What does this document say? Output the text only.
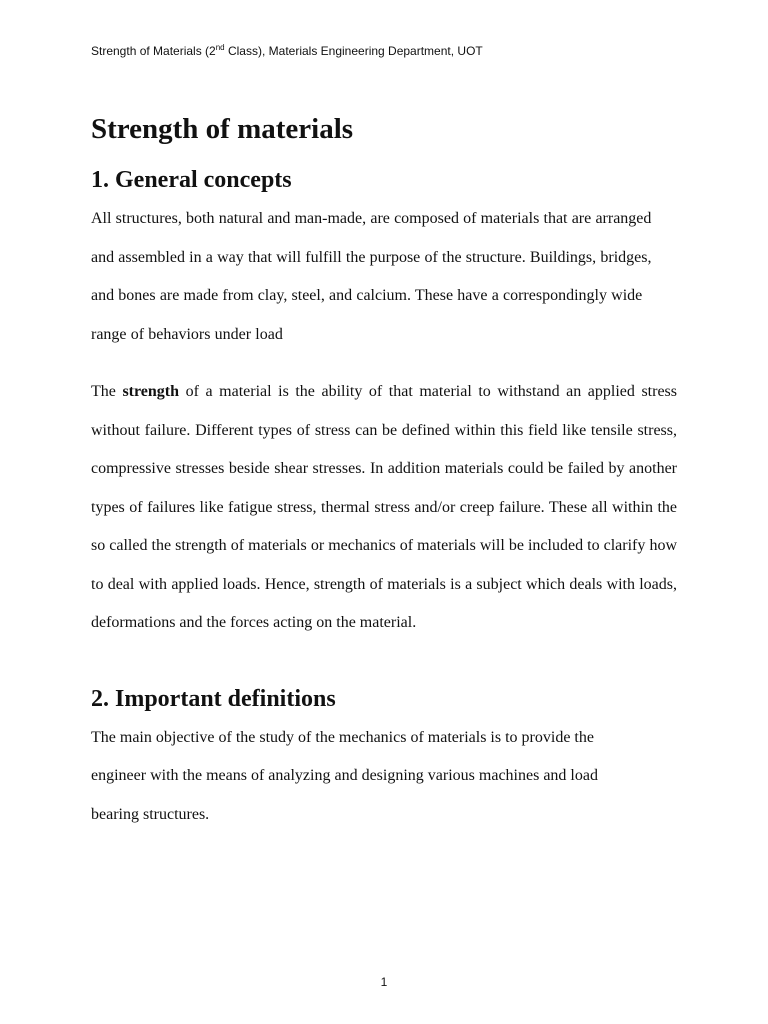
Strength of Materials (2nd Class), Materials Engineering Department, UOT
Strength of materials
1. General concepts

All structures, both natural and man-made, are composed of materials that are arranged and assembled in a way that will fulfill the purpose of the structure. Buildings, bridges, and bones are made from clay, steel, and calcium. These have a correspondingly wide range of behaviors under load

The strength of a material is the ability of that material to withstand an applied stress without failure. Different types of stress can be defined within this field like tensile stress, compressive stresses beside shear stresses. In addition materials could be failed by another types of failures like fatigue stress, thermal stress and/or creep failure. These all within the so called the strength of materials or mechanics of materials will be included to clarify how to deal with applied loads. Hence, strength of materials is a subject which deals with loads, deformations and the forces acting on the material.

2. Important definitions

The main objective of the study of the mechanics of materials is to provide the engineer with the means of analyzing and designing various machines and load bearing structures.

1
